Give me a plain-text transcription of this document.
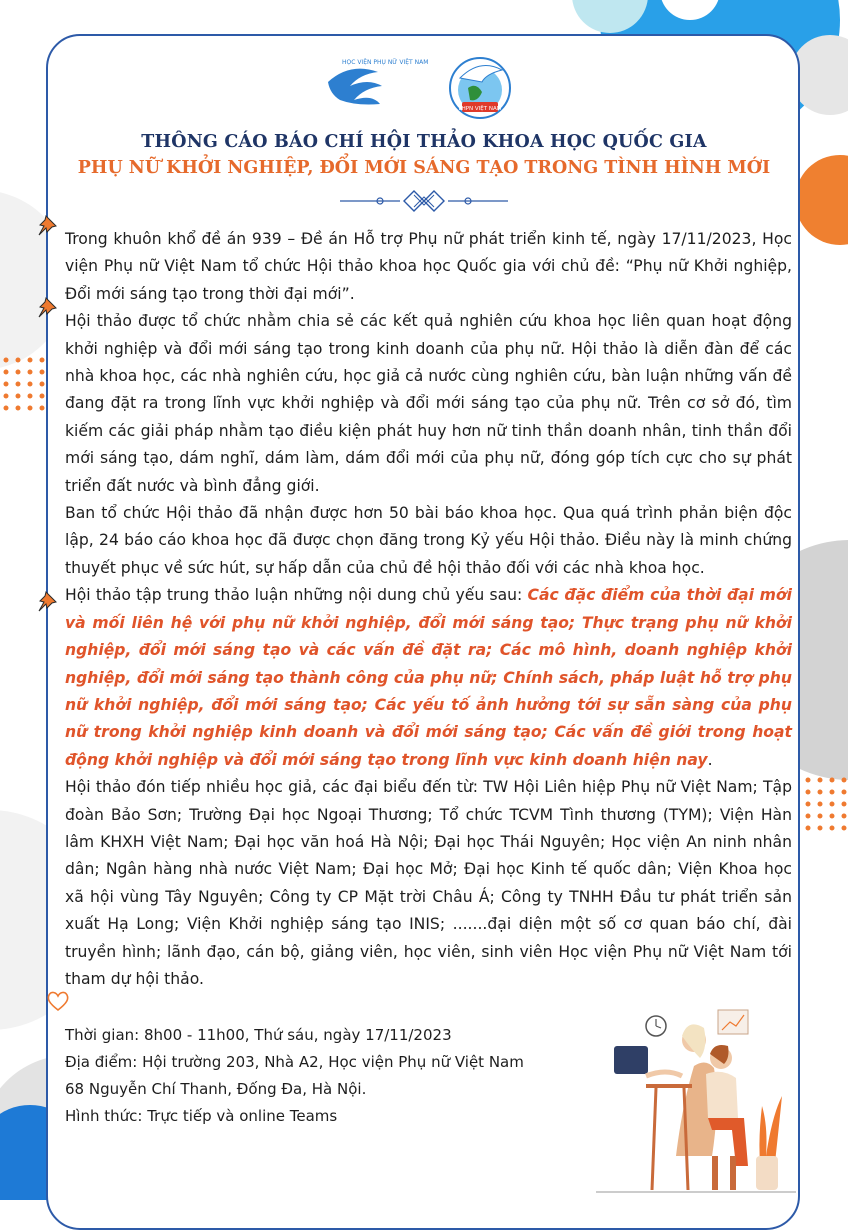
HỌC VIỆN PHỤ NỮ VIỆT NAM
LHPN VIỆT NAM
THÔNG CÁO BÁO CHÍ HỘI THẢO KHOA HỌC QUỐC GIA
PHỤ NỮ KHỞI NGHIỆP, ĐỔI MỚI SÁNG TẠO TRONG TÌNH HÌNH MỚI

Trong khuôn khổ đề án 939 – Đề án Hỗ trợ Phụ nữ phát triển kinh tế, ngày 17/11/2023, Học viện Phụ nữ Việt Nam tổ chức Hội thảo khoa học Quốc gia với chủ đề: “Phụ nữ Khởi nghiệp, Đổi mới sáng tạo trong thời đại mới”.

Hội thảo được tổ chức nhằm chia sẻ các kết quả nghiên cứu khoa học liên quan hoạt động khởi nghiệp và đổi mới sáng tạo trong kinh doanh của phụ nữ. Hội thảo là diễn đàn để các nhà khoa học, các nhà nghiên cứu, học giả cả nước cùng nghiên cứu, bàn luận những vấn đề đang đặt ra trong lĩnh vực khởi nghiệp và đổi mới sáng tạo của phụ nữ. Trên cơ sở đó, tìm kiếm các giải pháp nhằm tạo điều kiện phát huy hơn nữ tinh thần doanh nhân, tinh thần đổi mới sáng tạo, dám nghĩ, dám làm, dám đổi mới của phụ nữ, đóng góp tích cực cho sự phát triển đất nước và bình đẳng giới.

Ban tổ chức Hội thảo đã nhận được hơn 50 bài báo khoa học. Qua quá trình phản biện độc lập, 24 báo cáo khoa học đã được chọn đăng trong Kỷ yếu Hội thảo. Điều này là minh chứng thuyết phục về sức hút, sự hấp dẫn của chủ đề hội thảo đối với các nhà khoa học.

Hội thảo tập trung thảo luận những nội dung chủ yếu sau: Các đặc điểm của thời đại mới và mối liên hệ với phụ nữ khởi nghiệp, đổi mới sáng tạo; Thực trạng phụ nữ khởi nghiệp, đổi mới sáng tạo và các vấn đề đặt ra; Các mô hình, doanh nghiệp khởi nghiệp, đổi mới sáng tạo thành công của phụ nữ; Chính sách, pháp luật hỗ trợ phụ nữ khởi nghiệp, đổi mới sáng tạo; Các yếu tố ảnh hưởng tới sự sẵn sàng của phụ nữ trong khởi nghiệp kinh doanh và đổi mới sáng tạo; Các vấn đề giới trong hoạt động khởi nghiệp và đổi mới sáng tạo trong lĩnh vực kinh doanh hiện nay.

Hội thảo đón tiếp nhiều học giả, các đại biểu đến từ: TW Hội Liên hiệp Phụ nữ Việt Nam; Tập đoàn Bảo Sơn; Trường Đại học Ngoại Thương; Tổ chức TCVM Tình thương (TYM); Viện Hàn lâm KHXH Việt Nam; Đại học văn hoá Hà Nội; Đại học Thái Nguyên; Học viện An ninh nhân dân; Ngân hàng nhà nước Việt Nam; Đại học Mở; Đại học Kinh tế quốc dân; Viện Khoa học xã hội vùng Tây Nguyên; Công ty CP Mặt trời Châu Á; Công ty TNHH Đầu tư phát triển sản xuất Hạ Long; Viện Khởi nghiệp sáng tạo INIS; .......đại diện một số cơ quan báo chí, đài truyền hình; lãnh đạo, cán bộ, giảng viên, học viên, sinh viên Học viện Phụ nữ Việt Nam tới tham dự hội thảo.

Thời gian: 8h00 - 11h00, Thứ sáu, ngày 17/11/2023

Địa điểm: Hội trường 203, Nhà A2, Học viện Phụ nữ Việt Nam

68 Nguyễn Chí Thanh, Đống Đa, Hà Nội.

Hình thức: Trực tiếp và online Teams
